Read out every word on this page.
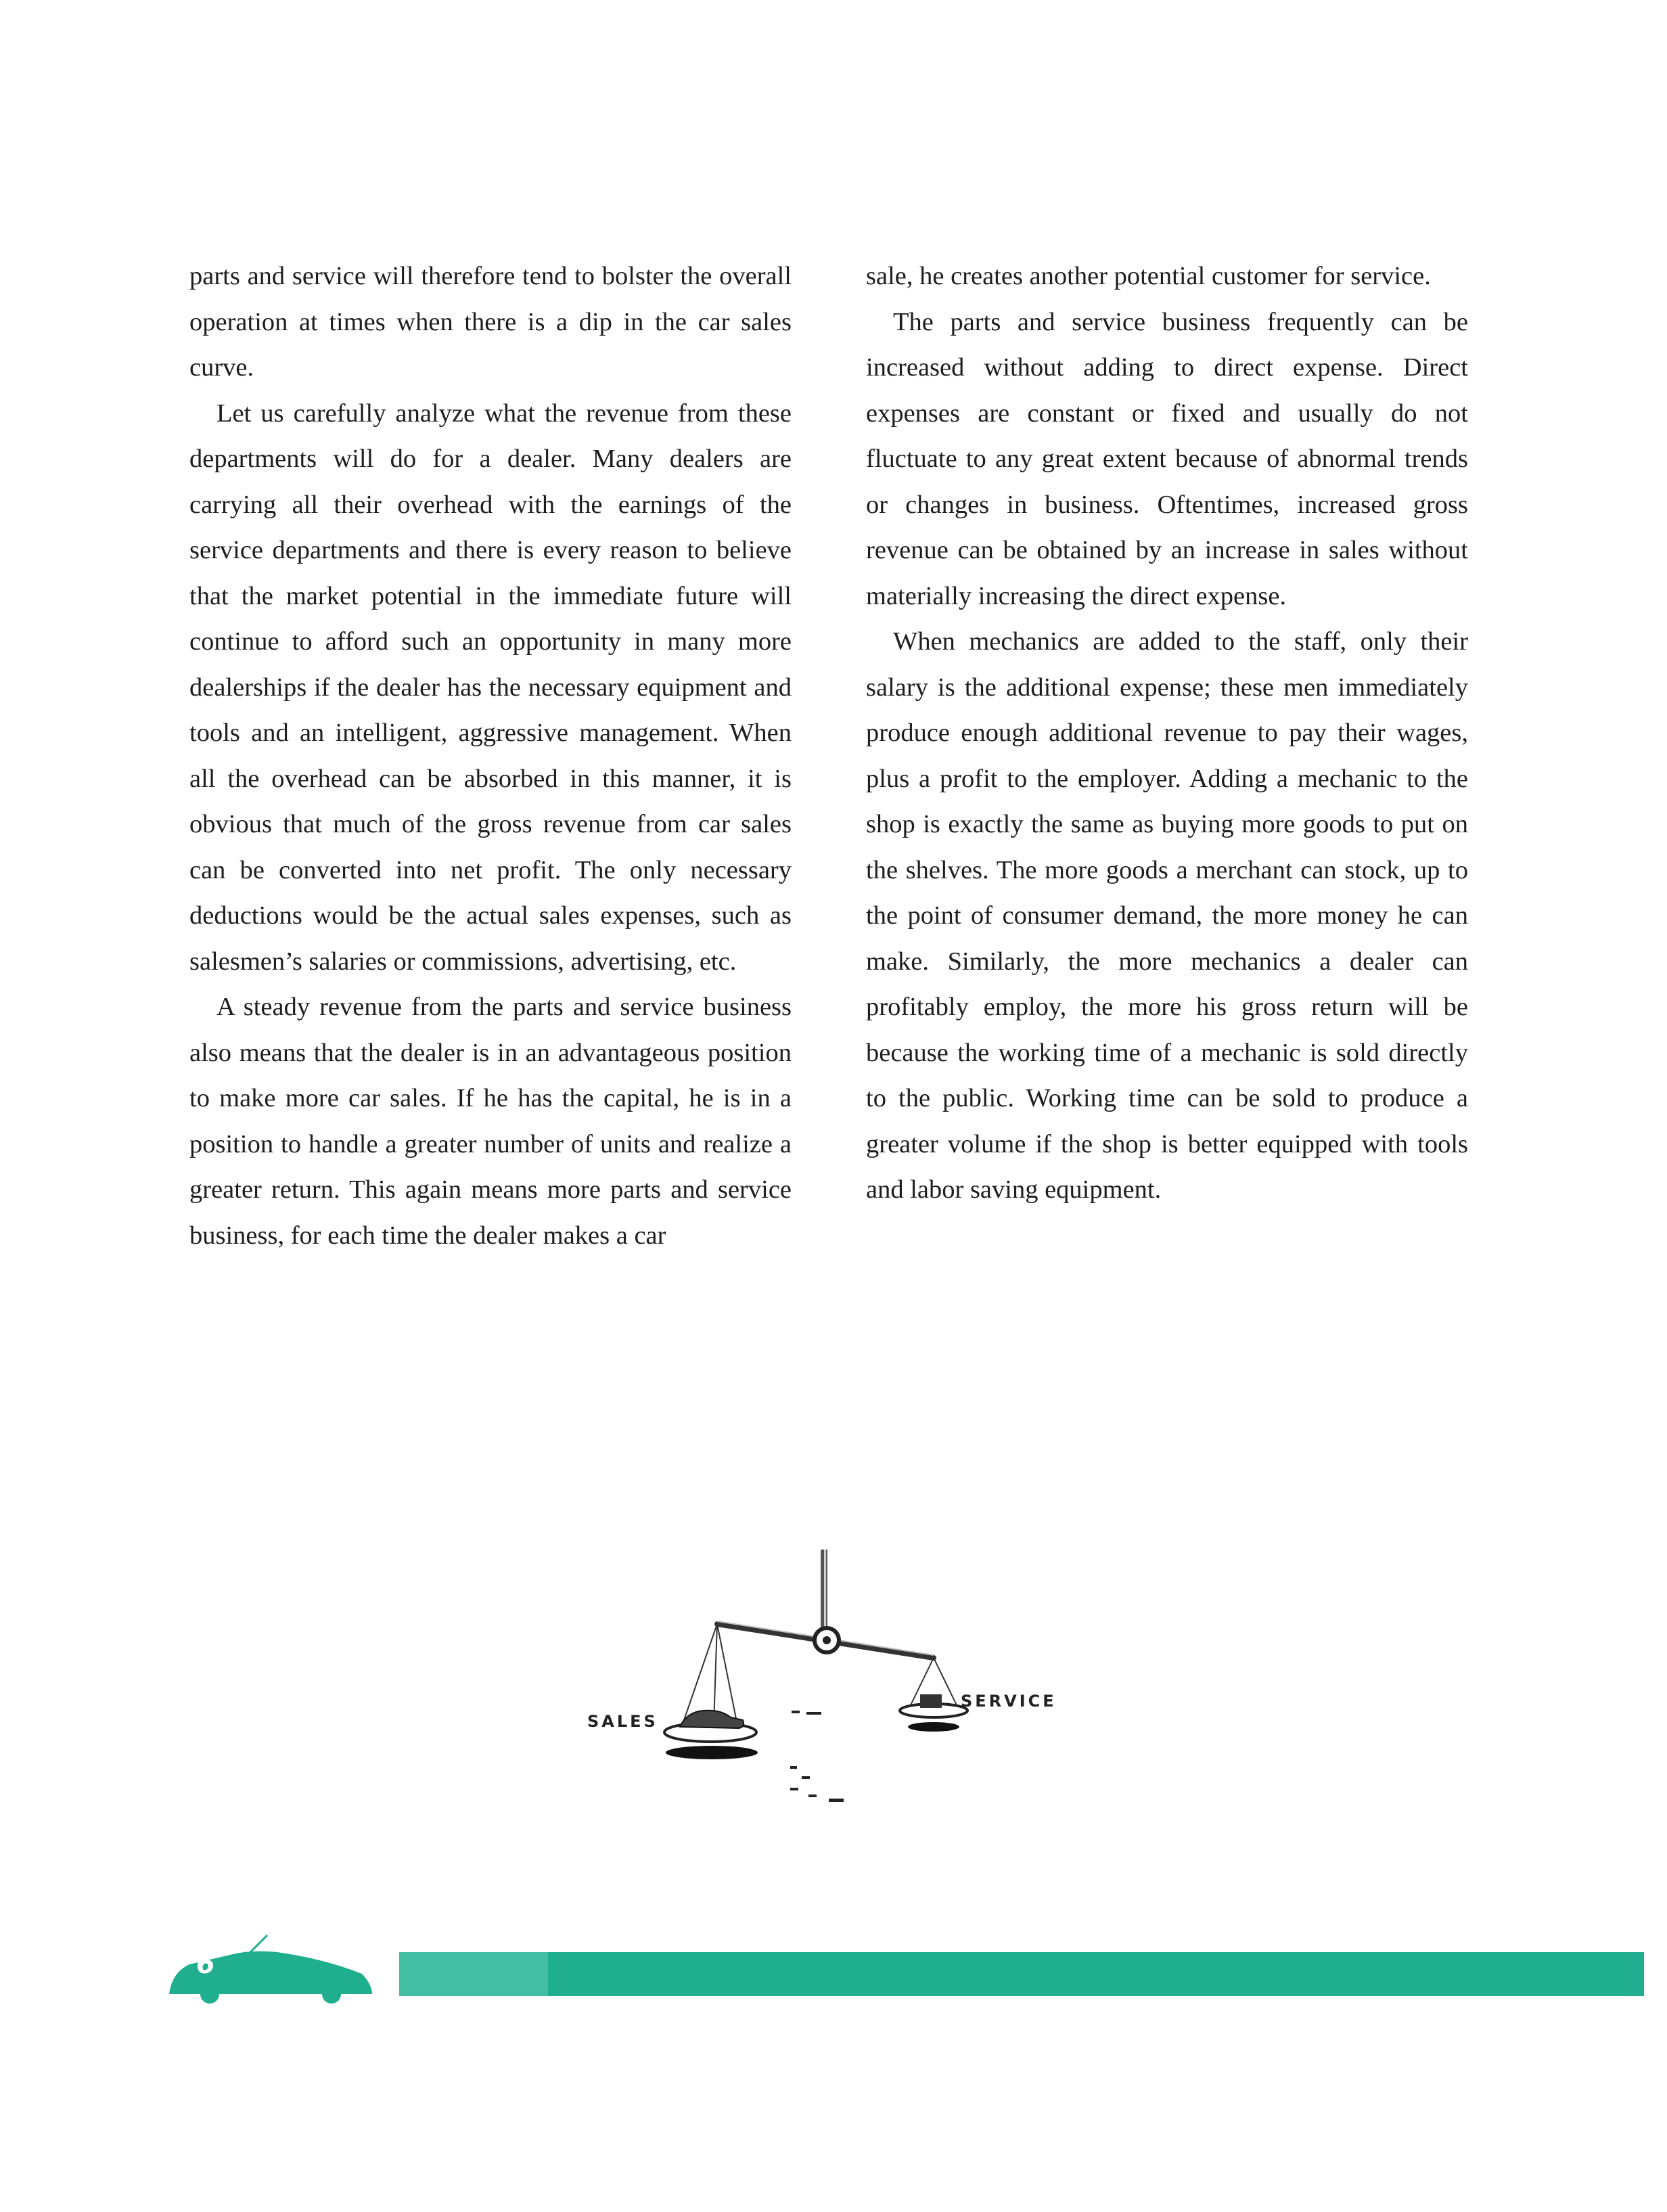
parts and service will therefore tend to bolster the overall operation at times when there is a dip in the car sales curve.

Let us carefully analyze what the revenue from these departments will do for a dealer. Many dealers are carrying all their overhead with the earnings of the service departments and there is every reason to believe that the market potential in the immediate future will continue to afford such an opportunity in many more dealerships if the dealer has the necessary equipment and tools and an intelligent, aggressive management. When all the overhead can be absorbed in this manner, it is obvious that much of the gross revenue from car sales can be converted into net profit. The only necessary deductions would be the actual sales expenses, such as salesmen’s salaries or commissions, advertising, etc.

A steady revenue from the parts and service business also means that the dealer is in an advantageous position to make more car sales. If he has the capital, he is in a position to handle a greater number of units and realize a greater return. This again means more parts and service business, for each time the dealer makes a car

sale, he creates another potential customer for service.

The parts and service business frequently can be increased without adding to direct expense. Direct expenses are constant or fixed and usually do not fluctuate to any great extent because of abnormal trends or changes in business. Oftentimes, increased gross revenue can be obtained by an increase in sales without materially increasing the direct expense.

When mechanics are added to the staff, only their salary is the additional expense; these men immediately produce enough additional revenue to pay their wages, plus a profit to the employer. Adding a mechanic to the shop is exactly the same as buying more goods to put on the shelves. The more goods a merchant can stock, up to the point of consumer demand, the more money he can make. Similarly, the more mechanics a dealer can profitably employ, the more his gross return will be because the working time of a mechanic is sold directly to the public. Working time can be sold to produce a greater volume if the shop is better equipped with tools and labor saving equipment.

SALES
SERVICE
6
